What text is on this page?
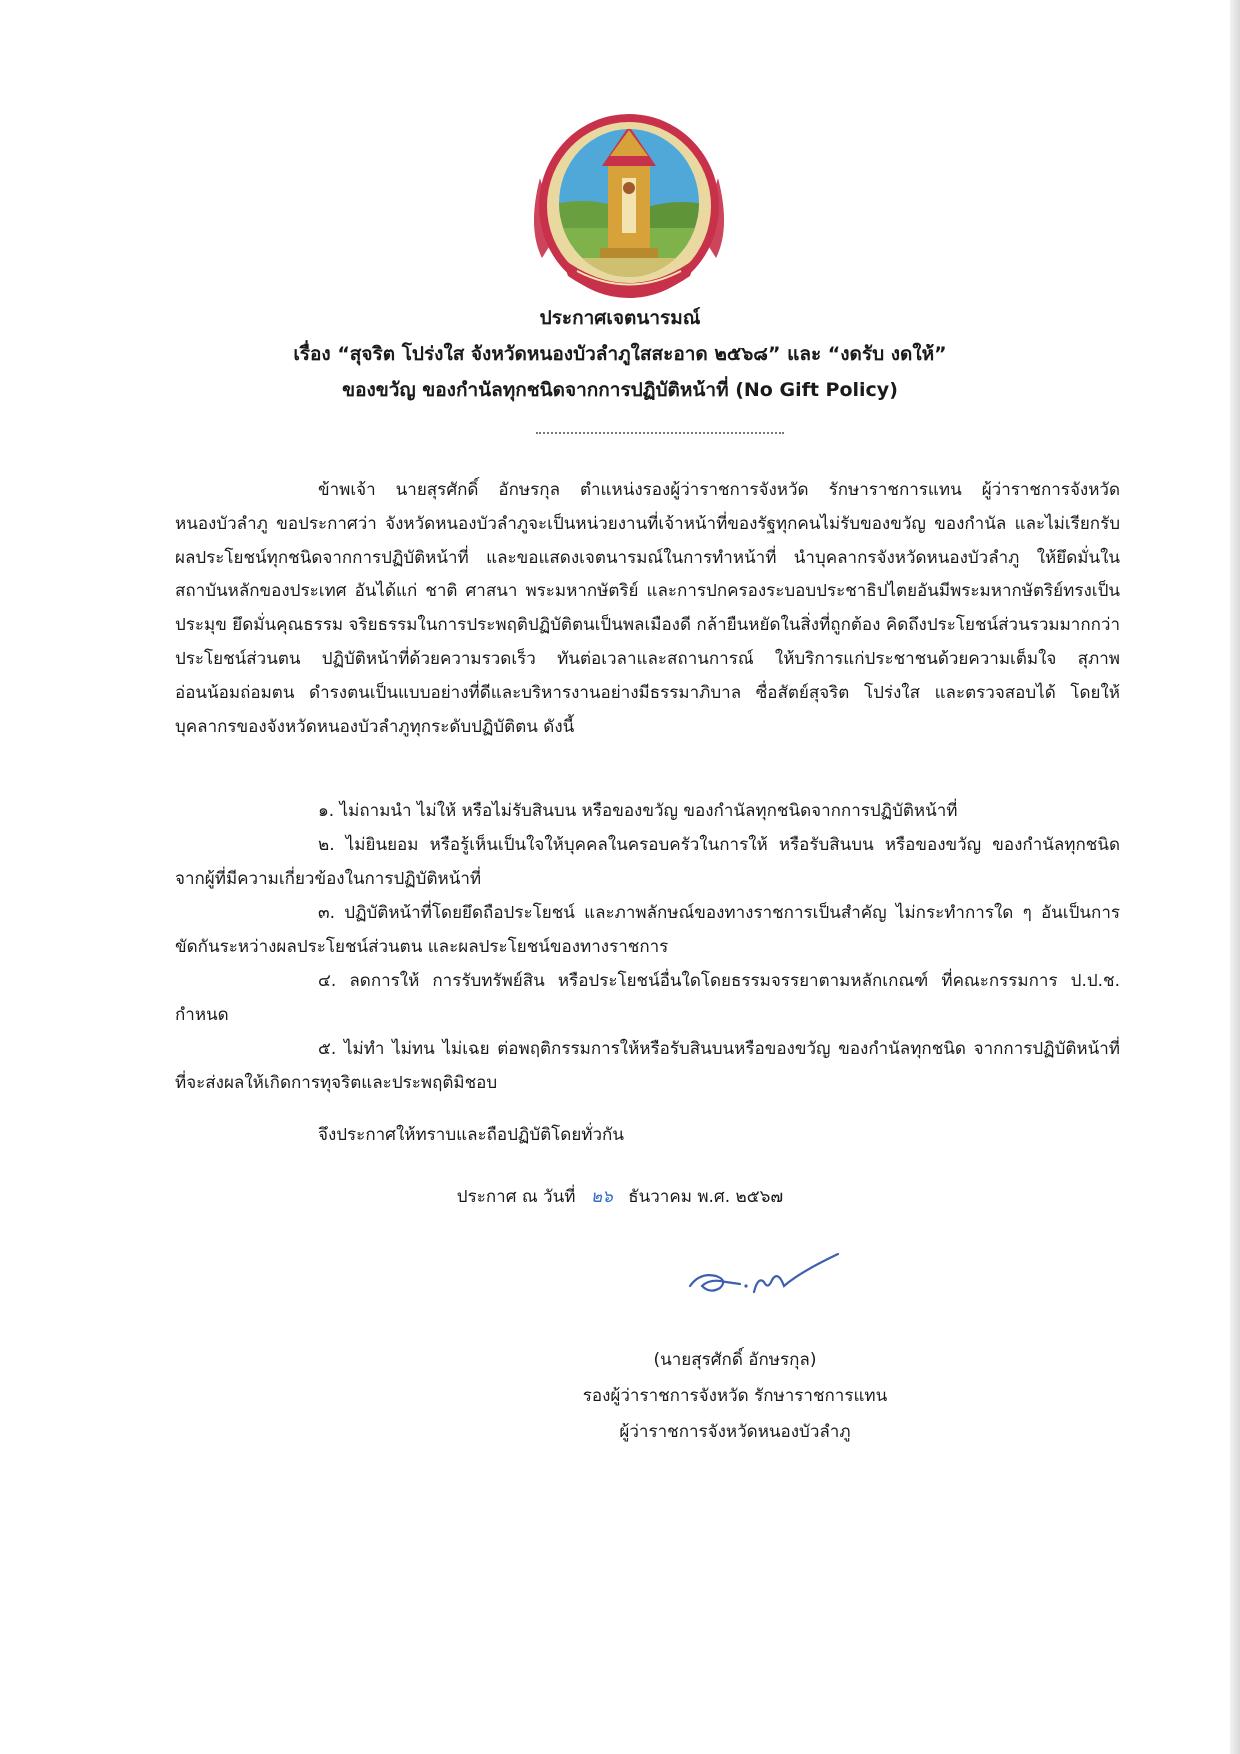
ประกาศเจตนารมณ์
เรื่อง “สุจริต โปร่งใส จังหวัดหนองบัวลำภูใสสะอาด ๒๕๖๘” และ “งดรับ งดให้”
ของขวัญ ของกำนัลทุกชนิดจากการปฏิบัติหน้าที่ (No Gift Policy)
ข้าพเจ้า นายสุรศักดิ์ อักษรกุล ตำแหน่งรองผู้ว่าราชการจังหวัด รักษาราชการแทน ผู้ว่าราชการจังหวัดหนองบัวลำภู ขอประกาศว่า จังหวัดหนองบัวลำภูจะเป็นหน่วยงานที่เจ้าหน้าที่ของรัฐทุกคนไม่รับของขวัญ ของกำนัล และไม่เรียกรับผลประโยชน์ทุกชนิดจากการปฏิบัติหน้าที่ และขอแสดงเจตนารมณ์ในการทำหน้าที่ นำบุคลากรจังหวัดหนองบัวลำภู ให้ยึดมั่นในสถาบันหลักของประเทศ อันได้แก่ ชาติ ศาสนา พระมหากษัตริย์ และการปกครองระบอบประชาธิปไตยอันมีพระมหากษัตริย์ทรงเป็นประมุข ยึดมั่นคุณธรรม จริยธรรมในการประพฤติปฏิบัติตนเป็นพลเมืองดี กล้ายืนหยัดในสิ่งที่ถูกต้อง คิดถึงประโยชน์ส่วนรวมมากกว่าประโยชน์ส่วนตน ปฏิบัติหน้าที่ด้วยความรวดเร็ว ทันต่อเวลาและสถานการณ์ ให้บริการแก่ประชาชนด้วยความเต็มใจ สุภาพ อ่อนน้อมถ่อมตน ดำรงตนเป็นแบบอย่างที่ดีและบริหารงานอย่างมีธรรมาภิบาล ซื่อสัตย์สุจริต โปร่งใส และตรวจสอบได้ โดยให้บุคลากรของจังหวัดหนองบัวลำภูทุกระดับปฏิบัติตน ดังนี้
๑. ไม่ถามนำ ไม่ให้ หรือไม่รับสินบน หรือของขวัญ ของกำนัลทุกชนิดจากการปฏิบัติหน้าที่
๒. ไม่ยินยอม หรือรู้เห็นเป็นใจให้บุคคลในครอบครัวในการให้ หรือรับสินบน หรือของขวัญ ของกำนัลทุกชนิดจากผู้ที่มีความเกี่ยวข้องในการปฏิบัติหน้าที่
๓. ปฏิบัติหน้าที่โดยยึดถือประโยชน์ และภาพลักษณ์ของทางราชการเป็นสำคัญ ไม่กระทำการใด ๆ อันเป็นการขัดกันระหว่างผลประโยชน์ส่วนตน และผลประโยชน์ของทางราชการ
๔. ลดการให้ การรับทรัพย์สิน หรือประโยชน์อื่นใดโดยธรรมจรรยาตามหลักเกณฑ์ ที่คณะกรรมการ ป.ป.ช. กำหนด
๕. ไม่ทำ ไม่ทน ไม่เฉย ต่อพฤติกรรมการให้หรือรับสินบนหรือของขวัญ ของกำนัลทุกชนิด จากการปฏิบัติหน้าที่ ที่จะส่งผลให้เกิดการทุจริตและประพฤติมิชอบ
จึงประกาศให้ทราบและถือปฏิบัติโดยทั่วกัน
ประกาศ ณ วันที่ ๒๖ ธันวาคม พ.ศ. ๒๕๖๗
(นายสุรศักดิ์ อักษรกุล)
รองผู้ว่าราชการจังหวัด รักษาราชการแทน
ผู้ว่าราชการจังหวัดหนองบัวลำภู
